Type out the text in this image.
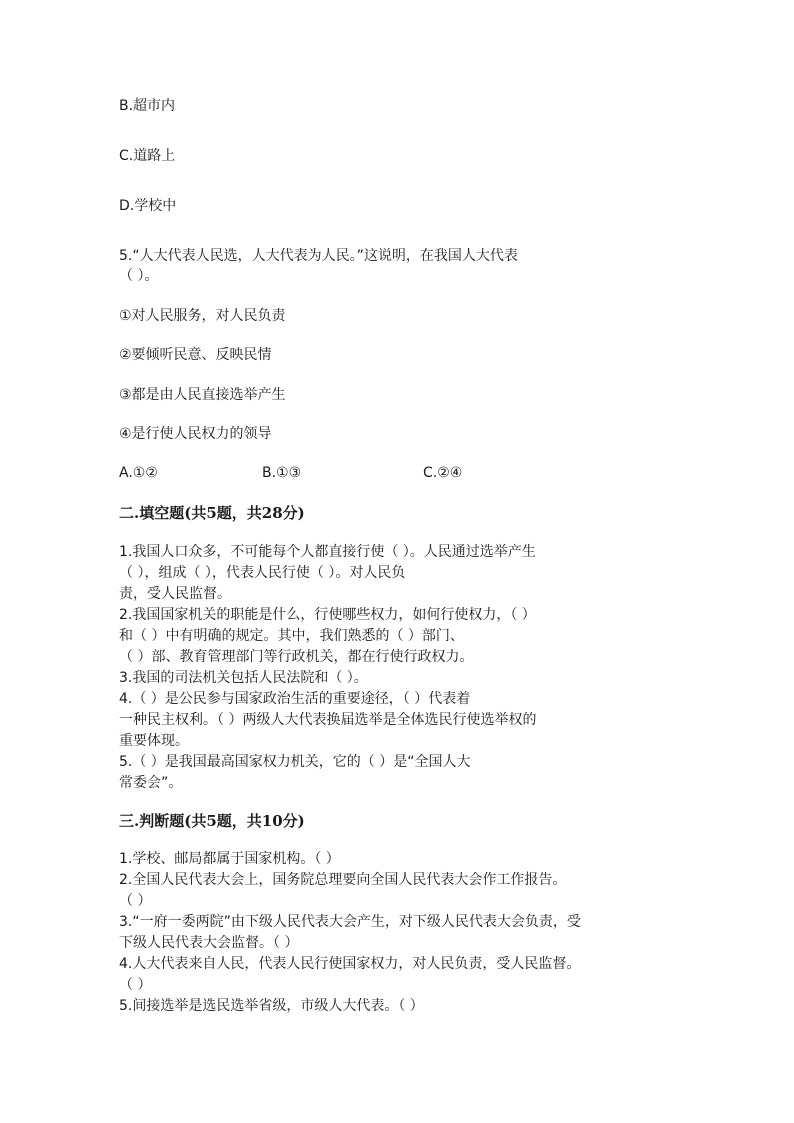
B.超市内
C.道路上
D.学校中
5.“人大代表人民选，人大代表为人民。”这说明，在我国人大代表
（ ）。
①对人民服务，对人民负责
②要倾听民意、反映民情
③都是由人民直接选举产生
④是行使人民权力的领导
A.①②	B.①③	C.②④
二.填空题(共5题，共28分)
1.我国人口众多，不可能每个人都直接行使（ ）。人民通过选举产生
（ ），组成（ ），代表人民行使（ ）。对人民负
责，受人民监督。
2.我国国家机关的职能是什么，行使哪些权力，如何行使权力，（ ）
和（ ）中有明确的规定。其中，我们熟悉的（ ）部门、
（ ）部、教育管理部门等行政机关，都在行使行政权力。
3.我国的司法机关包括人民法院和（ ）。
4.（ ）是公民参与国家政治生活的重要途径，（ ）代表着
一种民主权利。（ ）两级人大代表换届选举是全体选民行使选举权的
重要体现。
5.（ ）是我国最高国家权力机关，它的（ ）是“全国人大
常委会”。
三.判断题(共5题，共10分)
1.学校、邮局都属于国家机构。（ ）
2.全国人民代表大会上，国务院总理要向全国人民代表大会作工作报告。
（ ）
3.“一府一委两院”由下级人民代表大会产生，对下级人民代表大会负责，受
下级人民代表大会监督。（ ）
4.人大代表来自人民，代表人民行使国家权力，对人民负责，受人民监督。
（ ）
5.间接选举是选民选举省级，市级人大代表。（ ）
